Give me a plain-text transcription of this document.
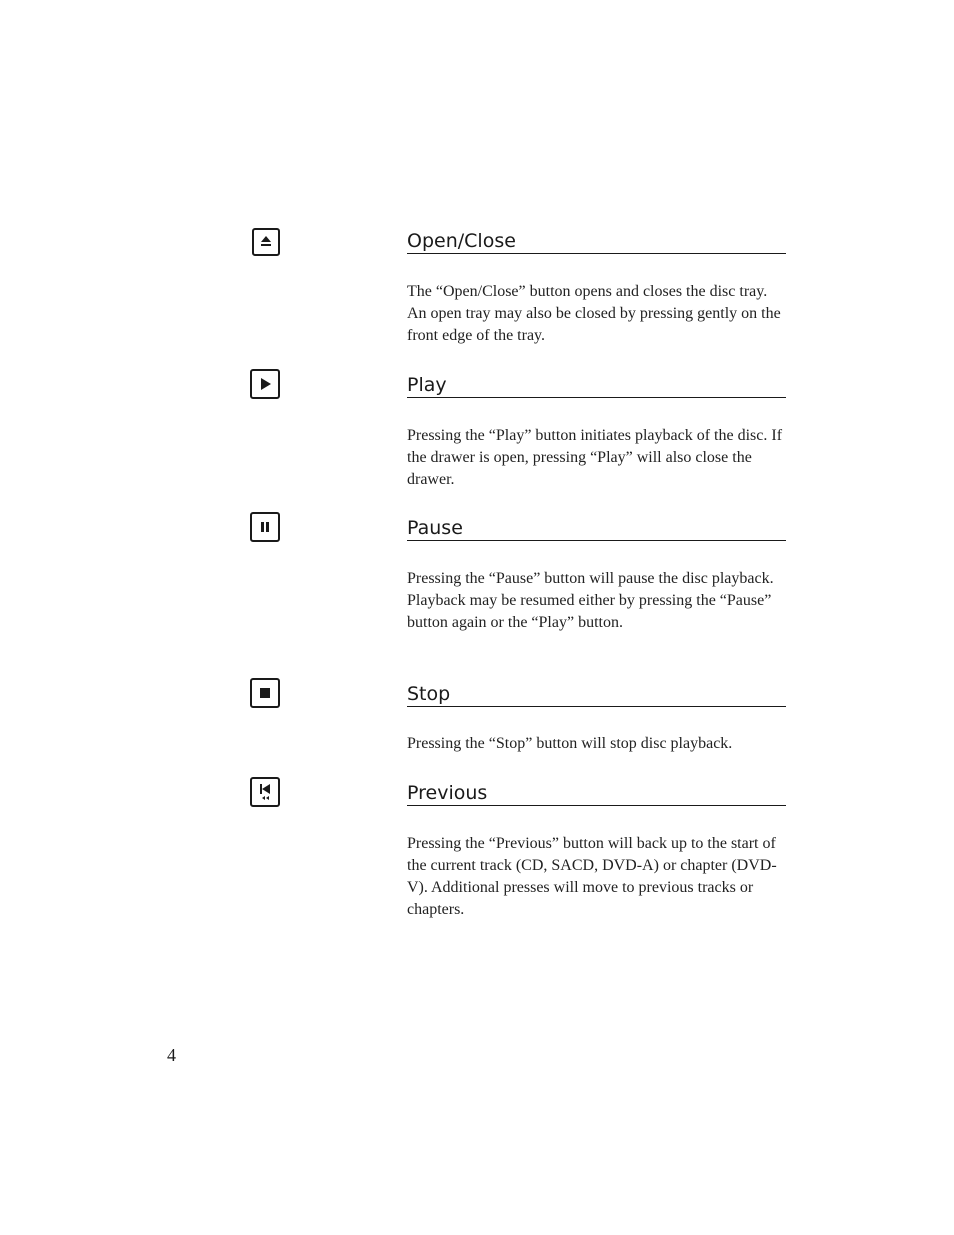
Open/Close

The “Open/Close” button opens and closes the disc tray. An open tray may also be closed by pressing gently on the front edge of the tray.

Play

Pressing the “Play” button initiates playback of the disc. If the drawer is open, pressing “Play” will also close the drawer.

Pause

Pressing the “Pause” button will pause the disc playback. Playback may be resumed either by pressing the “Pause” button again or the “Play” button.

Stop

Pressing the “Stop” button will stop disc playback.

Previous

Pressing the “Previous” button will back up to the start of the current track (CD, SACD, DVD-A) or chapter (DVD-V). Additional presses will move to previous tracks or chapters.

4
